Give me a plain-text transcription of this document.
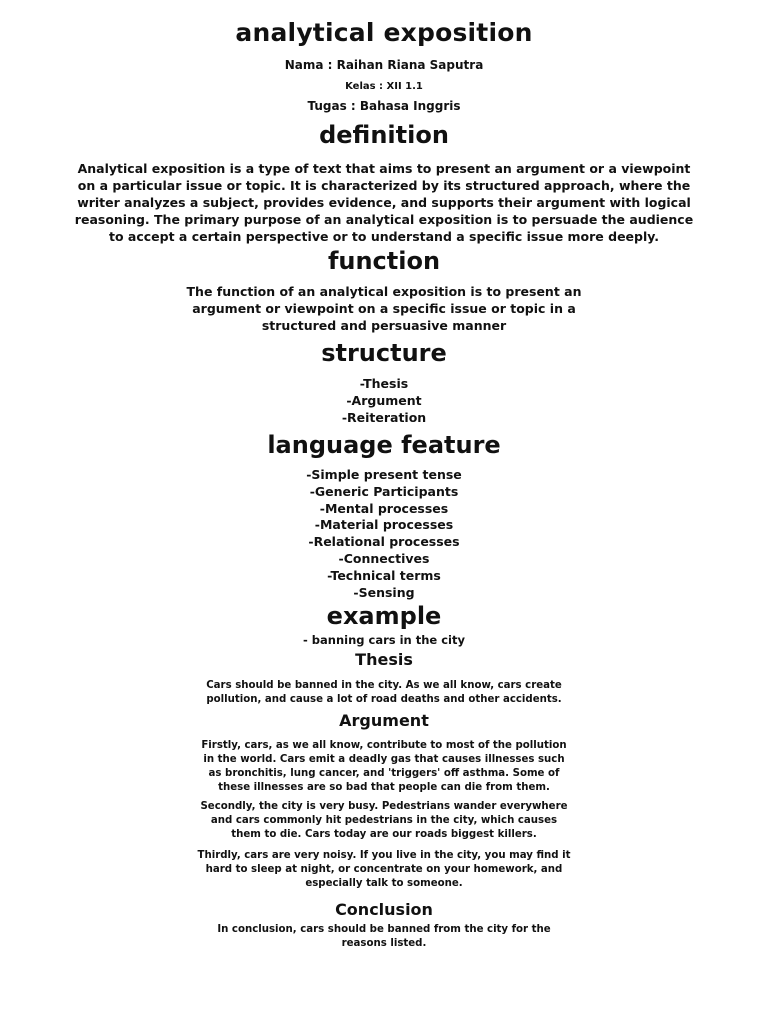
analytical exposition
Nama : Raihan Riana Saputra
Kelas : XII 1.1
Tugas : Bahasa Inggris
definition
Analytical exposition is a type of text that aims to present an argument or a viewpoint
on a particular issue or topic. It is characterized by its structured approach, where the
writer analyzes a subject, provides evidence, and supports their argument with logical
reasoning. The primary purpose of an analytical exposition is to persuade the audience
to accept a certain perspective or to understand a specific issue more deeply.
function
The function of an analytical exposition is to present an
argument or viewpoint on a specific issue or topic in a
structured and persuasive manner
structure
-Thesis
-Argument
-Reiteration
language feature
-Simple present tense
-Generic Participants
-Mental processes
-Material processes
-Relational processes
-Connectives
-Technical terms
-Sensing
example
- banning cars in the city
Thesis
Cars should be banned in the city. As we all know, cars create
pollution, and cause a lot of road deaths and other accidents.
Argument
Firstly, cars, as we all know, contribute to most of the pollution
in the world. Cars emit a deadly gas that causes illnesses such
as bronchitis, lung cancer, and 'triggers' off asthma. Some of
these illnesses are so bad that people can die from them.
Secondly, the city is very busy. Pedestrians wander everywhere
and cars commonly hit pedestrians in the city, which causes
them to die. Cars today are our roads biggest killers.
Thirdly, cars are very noisy. If you live in the city, you may find it
hard to sleep at night, or concentrate on your homework, and
especially talk to someone.
Conclusion
In conclusion, cars should be banned from the city for the
reasons listed.
